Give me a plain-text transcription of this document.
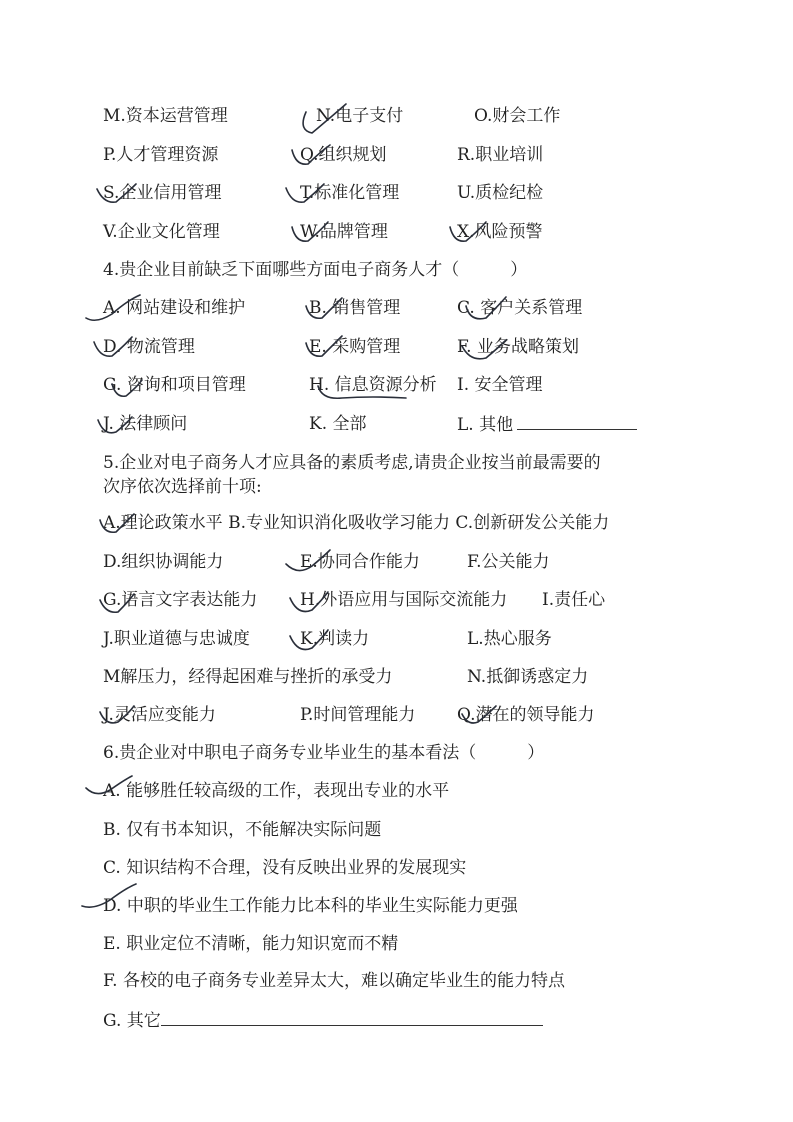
M.资本运营管理	N.电子支付	O.财会工作
P.人才管理资源	Q.组织规划	R.职业培训
S.企业信用管理	T.标准化管理	U.质检纪检
V.企业文化管理	W.品牌管理	X.风险预警
4.贵企业目前缺乏下面哪些方面电子商务人才（　　　）
A. 网站建设和维护	B. 销售管理	C. 客户关系管理
D. 物流管理	E. 采购管理	F. 业务战略策划
G. 咨询和项目管理	H. 信息资源分析 I. 安全管理
J. 法律顾问	K. 全部	L. 其他
5.企业对电子商务人才应具备的素质考虑,请贵企业按当前最需要的
次序依次选择前十项:
A.理论政策水平 B.专业知识消化吸收学习能力 C.创新研发公关能力
D.组织协调能力	E.协同合作能力	F.公关能力
G.语言文字表达能力	H.外语应用与国际交流能力 I.责任心
J.职业道德与忠诚度	K.判读力	L.热心服务
M解压力，经得起困难与挫折的承受力	N.抵御诱惑定力
J.灵活应变能力	P.时间管理能力 Q.潜在的领导能力
6.贵企业对中职电子商务专业毕业生的基本看法（　　　）
A. 能够胜任较高级的工作，表现出专业的水平
B. 仅有书本知识，不能解决实际问题
C. 知识结构不合理，没有反映出业界的发展现实
D. 中职的毕业生工作能力比本科的毕业生实际能力更强
E. 职业定位不清晰，能力知识宽而不精
F. 各校的电子商务专业差异太大，难以确定毕业生的能力特点
G. 其它
